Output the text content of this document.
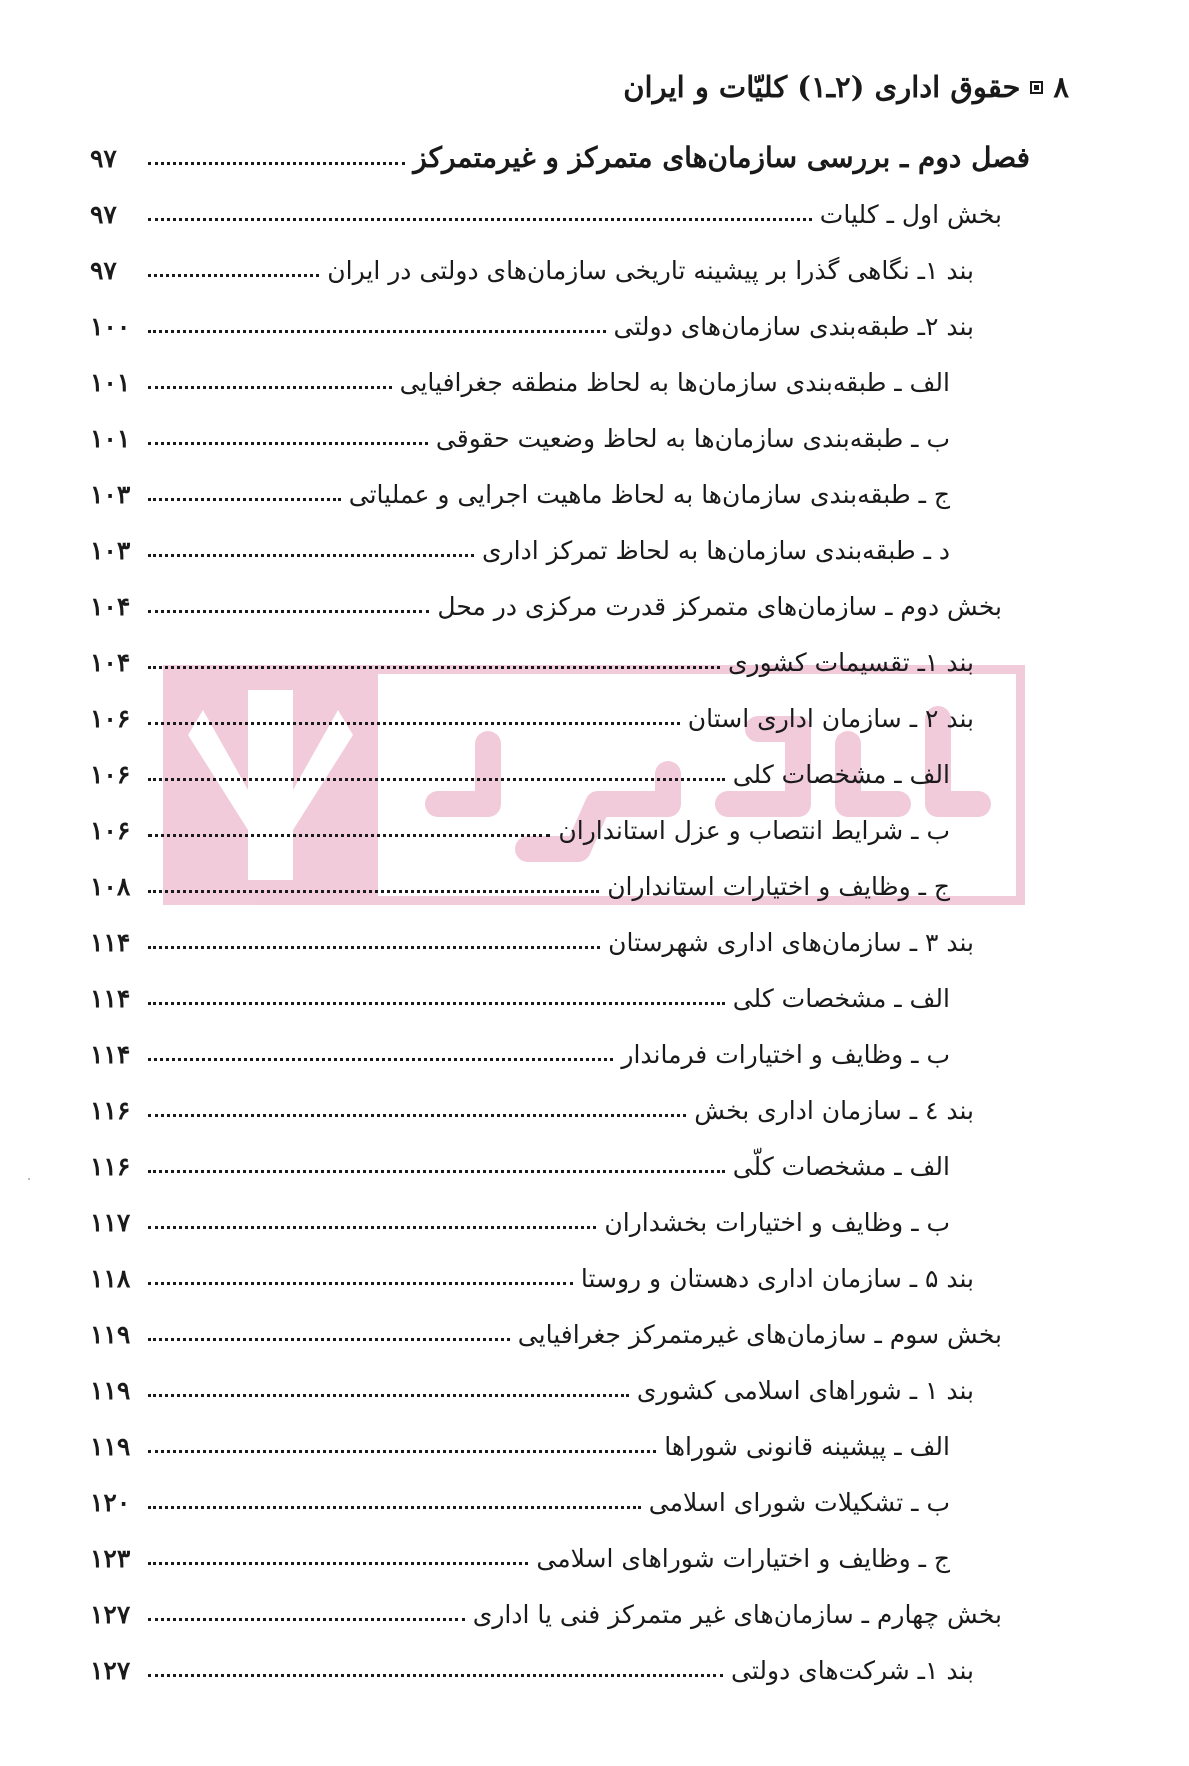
۸
حقوق اداری (۲ـ۱) کلیّات و ایران
فصل دوم ـ بررسی سازمان‌های متمرکز و غیرمتمرکز
۹۷
بخش اول ـ کلیات
۹۷
بند ۱ـ نگاهی گذرا بر پیشینه تاریخی سازمان‌های دولتی در ایران
۹۷
بند ۲ـ طبقه‌بندی سازمان‌های دولتی
۱۰۰
الف ـ طبقه‌بندی سازمان‌ها به لحاظ منطقه جغرافیایی
۱۰۱
ب ـ طبقه‌بندی سازمان‌ها به لحاظ وضعیت حقوقی
۱۰۱
ج ـ طبقه‌بندی سازمان‌ها به لحاظ ماهیت اجرایی و عملیاتی
۱۰۳
د ـ طبقه‌بندی سازمان‌ها به لحاظ تمرکز اداری
۱۰۳
بخش دوم ـ سازمان‌های متمرکز قدرت مرکزی در محل
۱۰۴
بند ۱ـ تقسیمات کشوری
۱۰۴
بند ۲ ـ سازمان اداری استان
۱۰۶
الف ـ مشخصات کلی
۱۰۶
ب ـ شرایط انتصاب و عزل استانداران
۱۰۶
ج ـ وظایف و اختیارات استانداران
۱۰۸
بند ۳ ـ سازمان‌های اداری شهرستان
۱۱۴
الف ـ مشخصات کلی
۱۱۴
ب ـ وظایف و اختیارات فرماندار
۱۱۴
بند ٤ ـ سازمان اداری بخش
۱۱۶
الف ـ مشخصات کلّی
۱۱۶
ب ـ وظایف و اختیارات بخشداران
۱۱۷
بند ۵ ـ سازمان اداری دهستان و روستا
۱۱۸
بخش سوم ـ سازمان‌های غیرمتمرکز جغرافیایی
۱۱۹
بند ۱ ـ شوراهای اسلامی کشوری
۱۱۹
الف ـ پیشینه قانونی شوراها
۱۱۹
ب ـ تشکیلات شورای اسلامی
۱۲۰
ج ـ وظایف و اختیارات شوراهای اسلامی
۱۲۳
بخش چهارم ـ سازمان‌های غیر متمرکز فنی یا اداری
۱۲۷
بند ۱ـ شرکت‌های دولتی
۱۲۷
